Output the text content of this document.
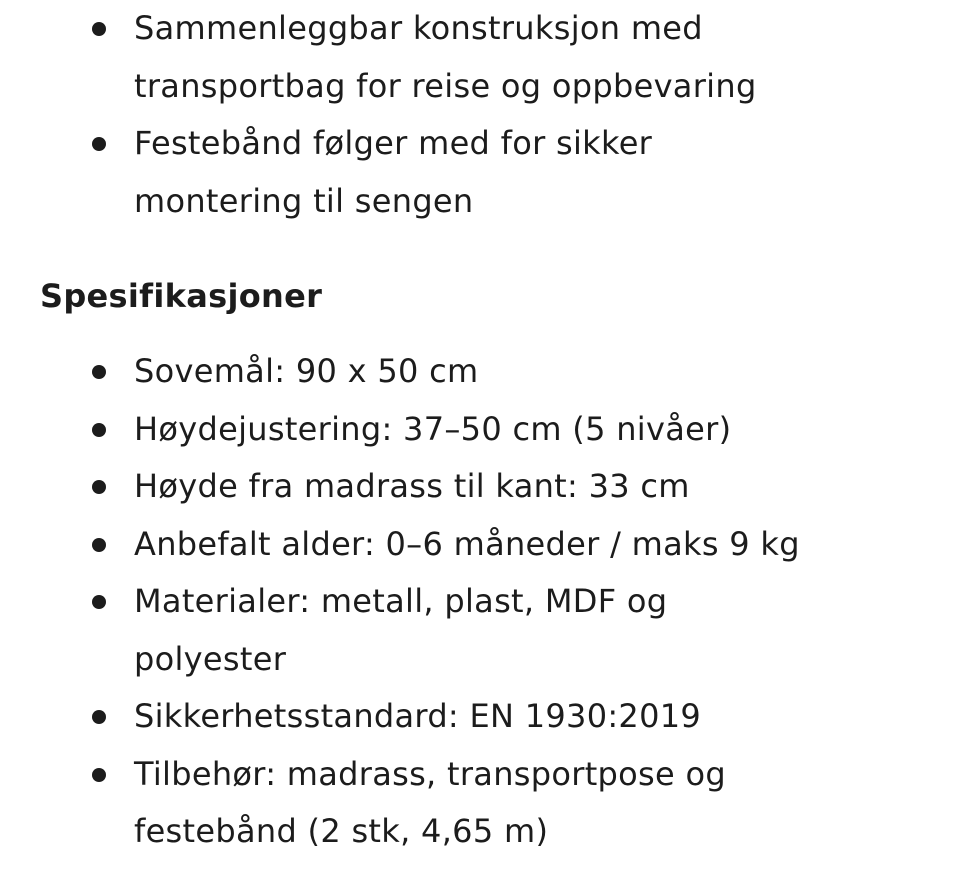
Sammenleggbar konstruksjon med transportbag for reise og oppbevaring
Festebånd følger med for sikker montering til sengen
Spesifikasjoner
Sovemål: 90 x 50 cm
Høydejustering: 37–50 cm (5 nivåer)
Høyde fra madrass til kant: 33 cm
Anbefalt alder: 0–6 måneder / maks 9 kg
Materialer: metall, plast, MDF og polyester
Sikkerhetsstandard: EN 1930:2019
Tilbehør: madrass, transportpose og festebånd (2 stk, 4,65 m)
